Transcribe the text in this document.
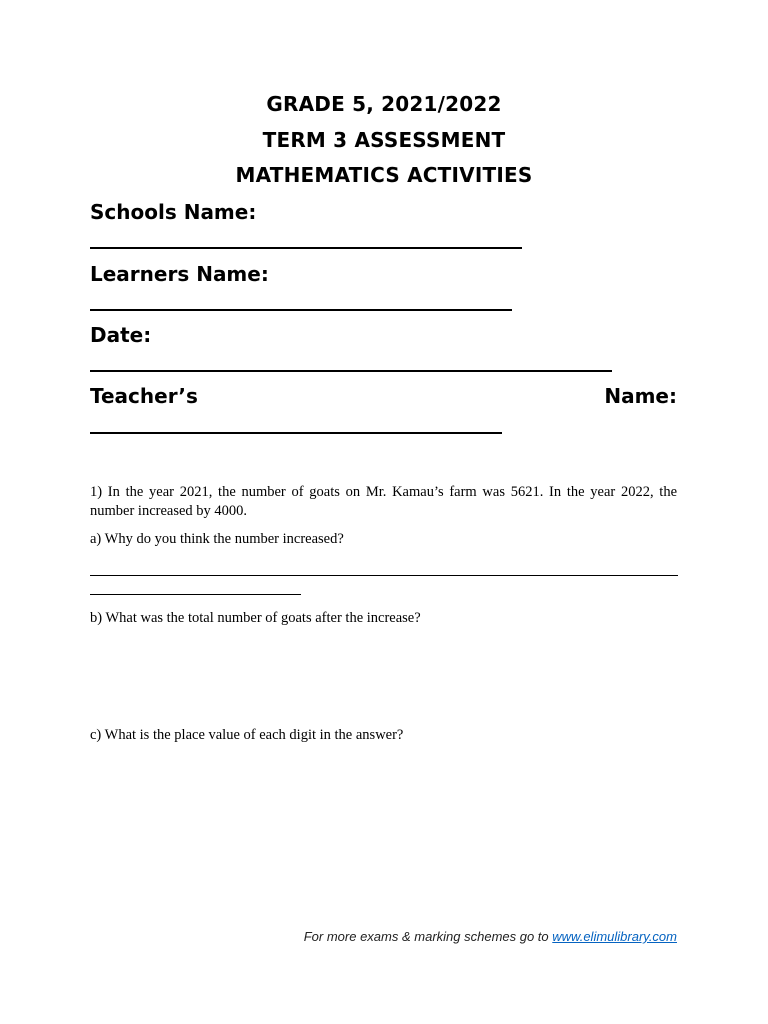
GRADE 5, 2021/2022
TERM 3 ASSESSMENT
MATHEMATICS ACTIVITIES
Schools Name:
Learners Name:
Date:
Teacher’s	Name:
1) In the year 2021, the number of goats on Mr. Kamau’s farm was 5621. In the year 2022, the number increased by 4000.
a) Why do you think the number increased?
b) What was the total number of goats after the increase?
c) What is the place value of each digit in the answer?
For more exams & marking schemes go to www.elimulibrary.com
